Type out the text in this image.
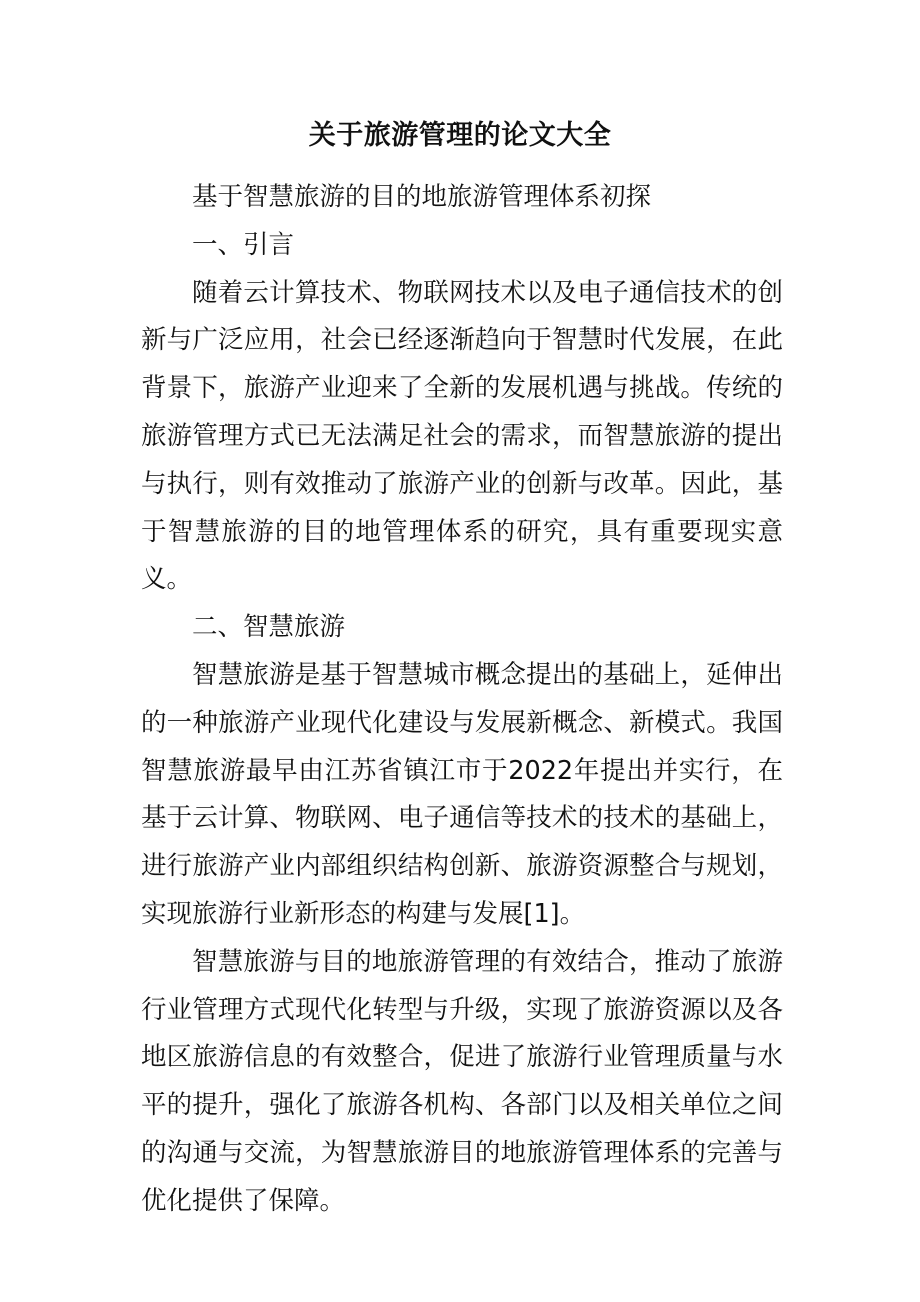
关于旅游管理的论文大全

基于智慧旅游的目的地旅游管理体系初探

一、引言

随着云计算技术、物联网技术以及电子通信技术的创新与广泛应用，社会已经逐渐趋向于智慧时代发展，在此背景下，旅游产业迎来了全新的发展机遇与挑战。传统的旅游管理方式已无法满足社会的需求，而智慧旅游的提出与执行，则有效推动了旅游产业的创新与改革。因此，基于智慧旅游的目的地管理体系的研究，具有重要现实意义。

二、智慧旅游

智慧旅游是基于智慧城市概念提出的基础上，延伸出的一种旅游产业现代化建设与发展新概念、新模式。我国智慧旅游最早由江苏省镇江市于2022年提出并实行，在基于云计算、物联网、电子通信等技术的技术的基础上，进行旅游产业内部组织结构创新、旅游资源整合与规划，实现旅游行业新形态的构建与发展[1]。

智慧旅游与目的地旅游管理的有效结合，推动了旅游行业管理方式现代化转型与升级，实现了旅游资源以及各地区旅游信息的有效整合，促进了旅游行业管理质量与水平的提升，强化了旅游各机构、各部门以及相关单位之间的沟通与交流，为智慧旅游目的地旅游管理体系的完善与优化提供了保障。
